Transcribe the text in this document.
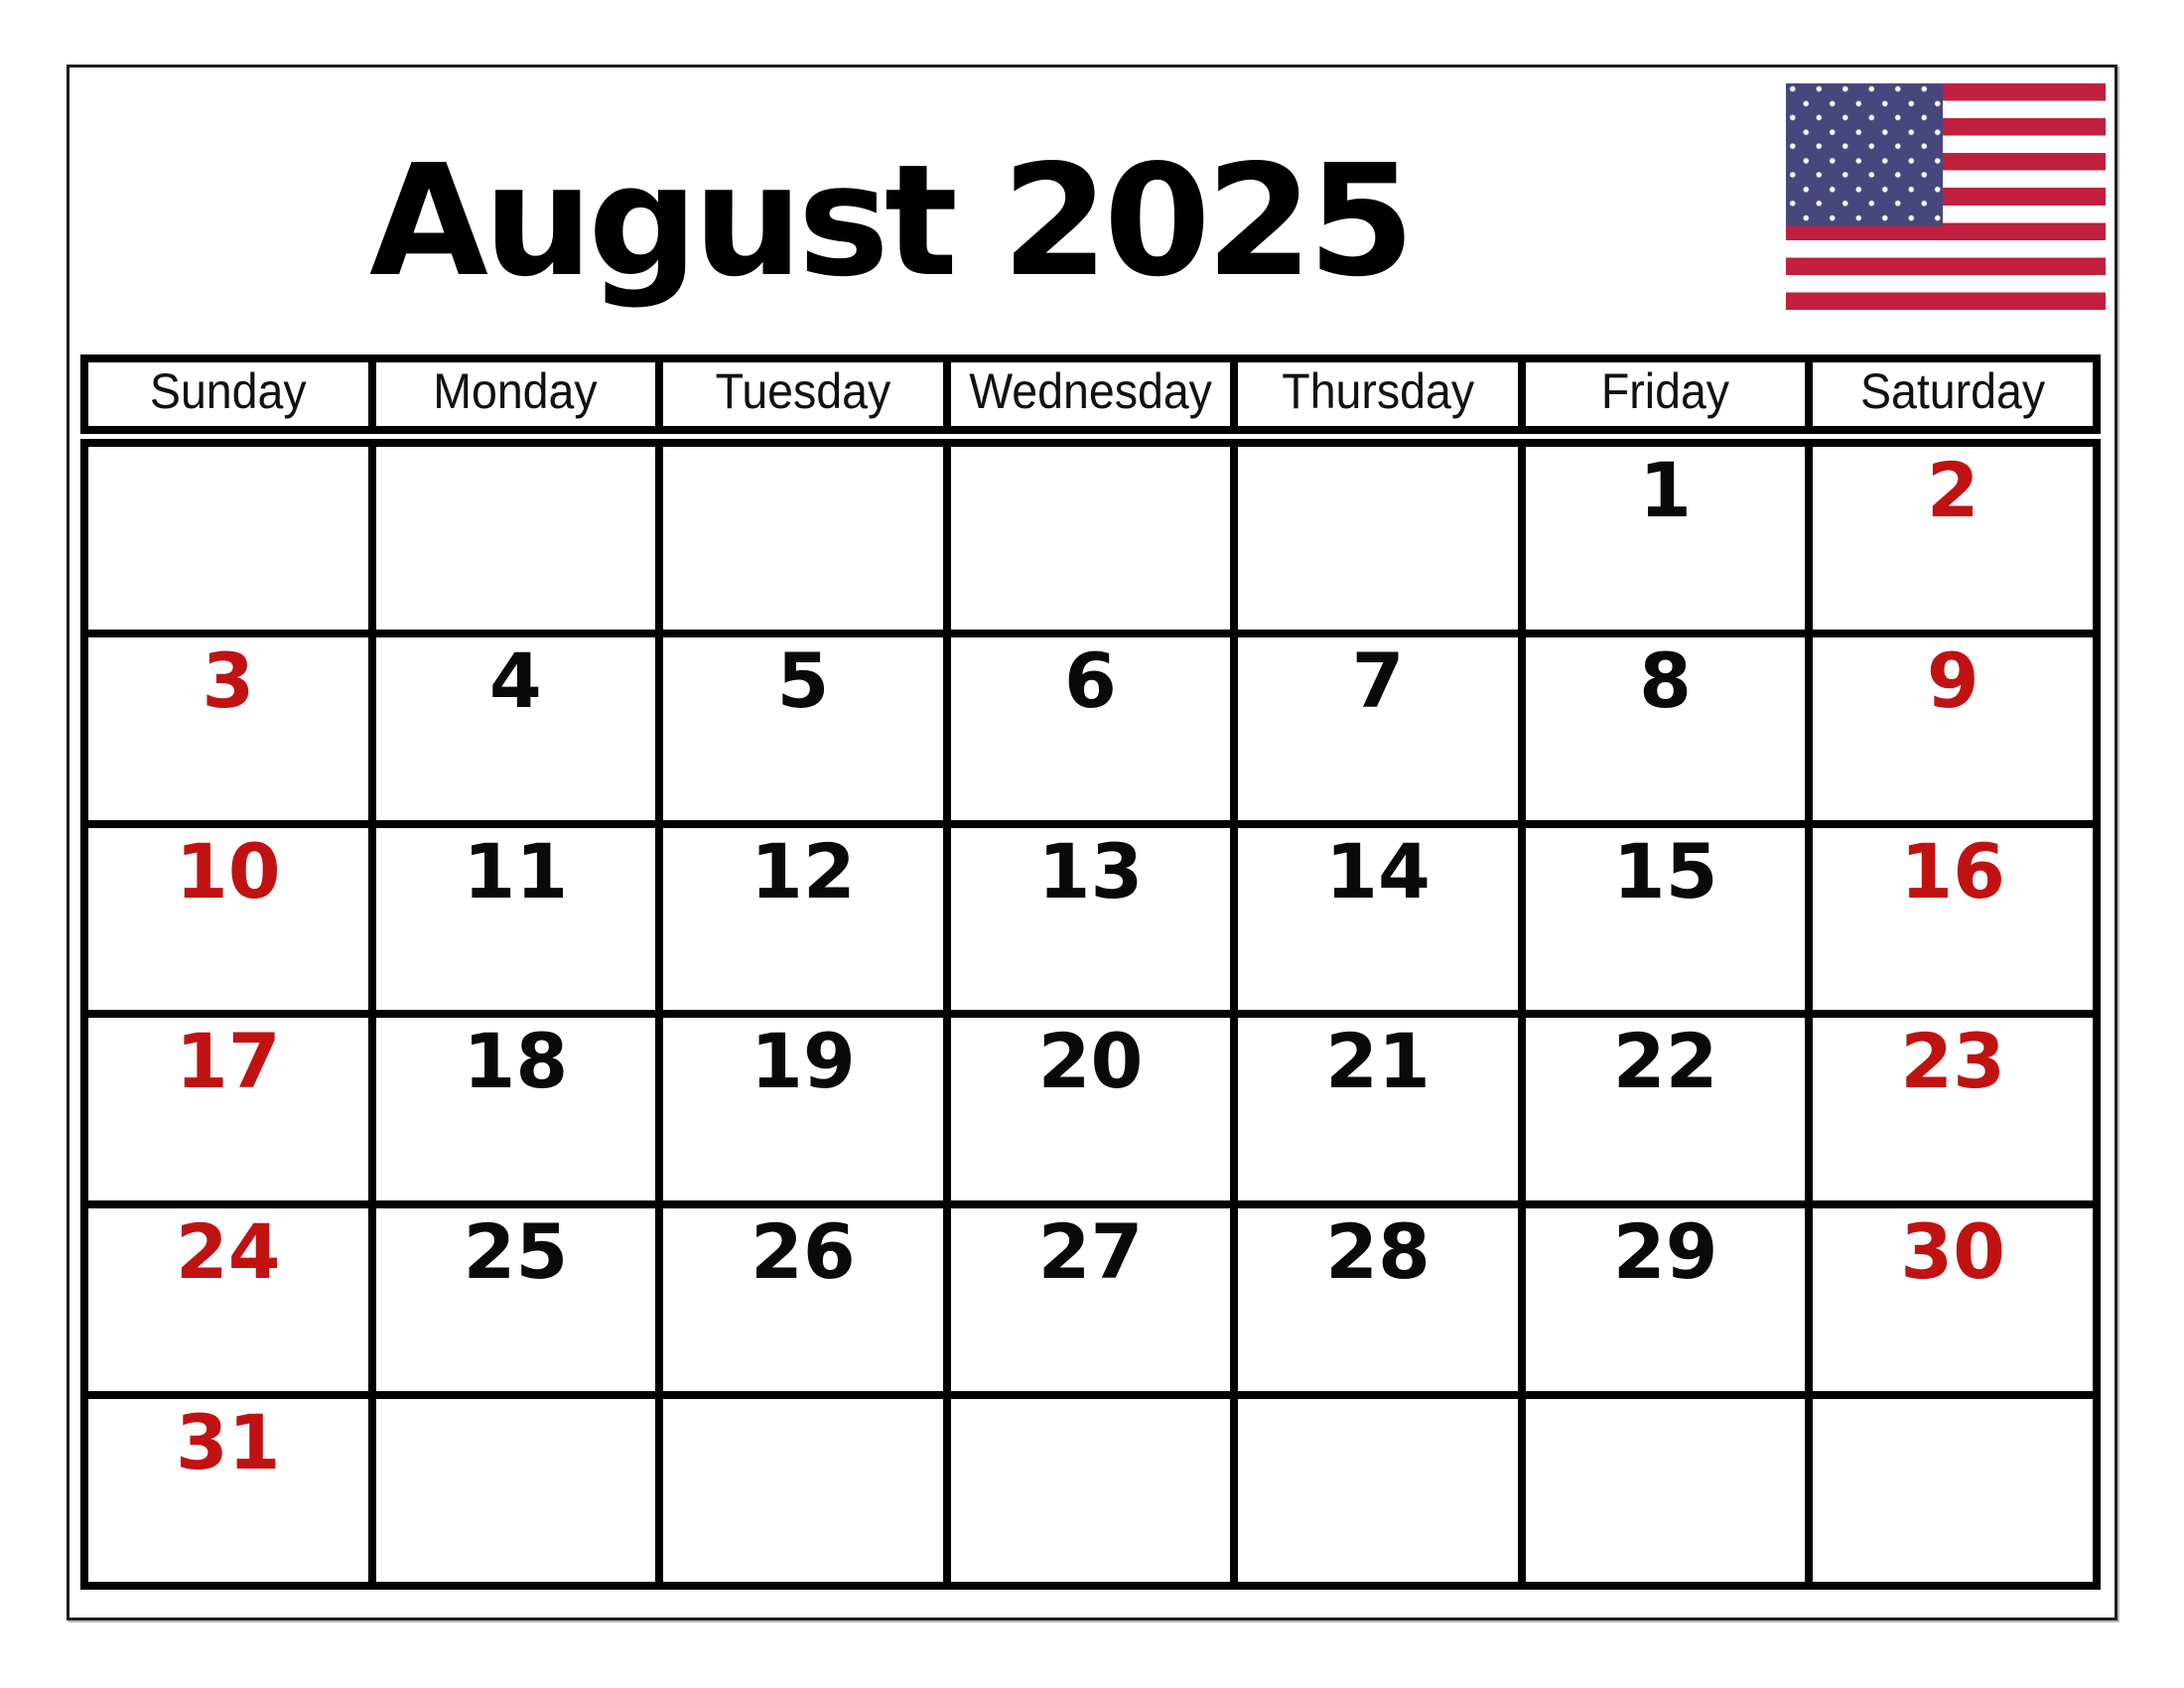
August 2025
Sunday	Monday	Tuesday	Wednesday	Thursday	Friday	Saturday
					1	2
3	4	5	6	7	8	9
10	11	12	13	14	15	16
17	18	19	20	21	22	23
24	25	26	27	28	29	30
31						
